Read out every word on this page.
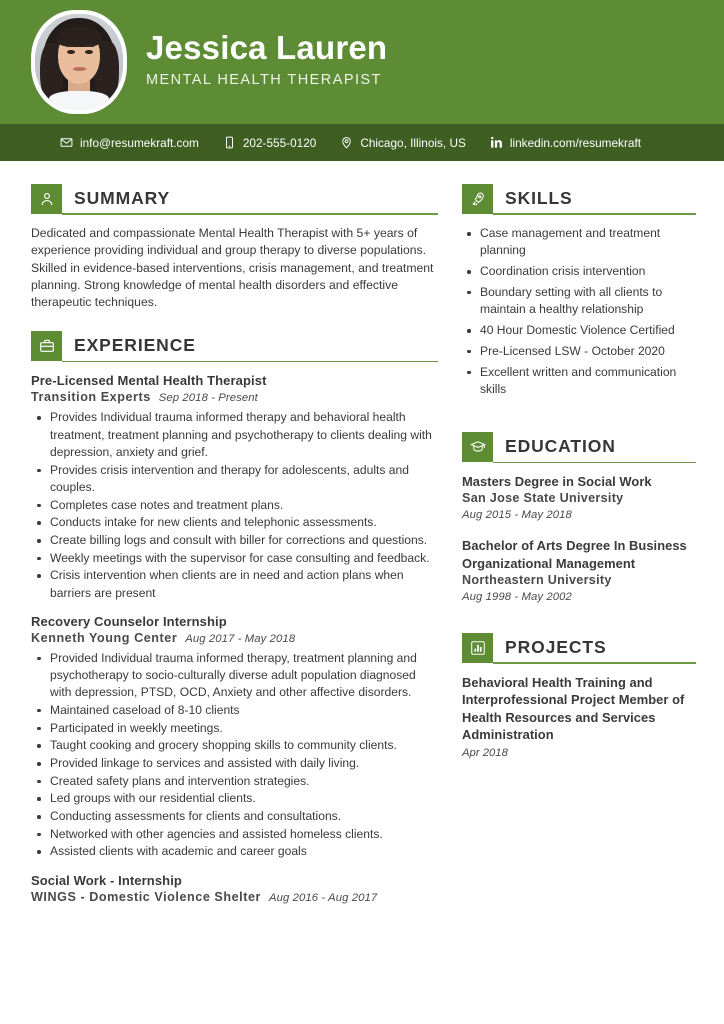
Jessica Lauren
MENTAL HEALTH THERAPIST
info@resumekraft.com	202-555-0120	Chicago, Illinois, US	linkedin.com/resumekraft
SUMMARY
Dedicated and compassionate Mental Health Therapist with 5+ years of experience providing individual and group therapy to diverse populations. Skilled in evidence-based interventions, crisis management, and treatment planning. Strong knowledge of mental health disorders and effective therapeutic techniques.
EXPERIENCE
Pre-Licensed Mental Health Therapist
Transition Experts Sep 2018 - Present
Provides Individual trauma informed therapy and behavioral health treatment, treatment planning and psychotherapy to clients dealing with depression, anxiety and grief.
Provides crisis intervention and therapy for adolescents, adults and couples.
Completes case notes and treatment plans.
Conducts intake for new clients and telephonic assessments.
Create billing logs and consult with biller for corrections and questions.
Weekly meetings with the supervisor for case consulting and feedback.
Crisis intervention when clients are in need and action plans when barriers are present
Recovery Counselor Internship
Kenneth Young Center Aug 2017 - May 2018
Provided Individual trauma informed therapy, treatment planning and psychotherapy to socio-culturally diverse adult population diagnosed with depression, PTSD, OCD, Anxiety and other affective disorders.
Maintained caseload of 8-10 clients
Participated in weekly meetings.
Taught cooking and grocery shopping skills to community clients.
Provided linkage to services and assisted with daily living.
Created safety plans and intervention strategies.
Led groups with our residential clients.
Conducting assessments for clients and consultations.
Networked with other agencies and assisted homeless clients.
Assisted clients with academic and career goals
Social Work - Internship
WINGS - Domestic Violence Shelter Aug 2016 - Aug 2017
SKILLS
Case management and treatment planning
Coordination crisis intervention
Boundary setting with all clients to maintain a healthy relationship
40 Hour Domestic Violence Certified
Pre-Licensed LSW - October 2020
Excellent written and communication skills
EDUCATION
Masters Degree in Social Work
San Jose State University
Aug 2015 - May 2018
Bachelor of Arts Degree In Business Organizational Management
Northeastern University
Aug 1998 - May 2002
PROJECTS
Behavioral Health Training and Interprofessional Project Member of Health Resources and Services Administration
Apr 2018
